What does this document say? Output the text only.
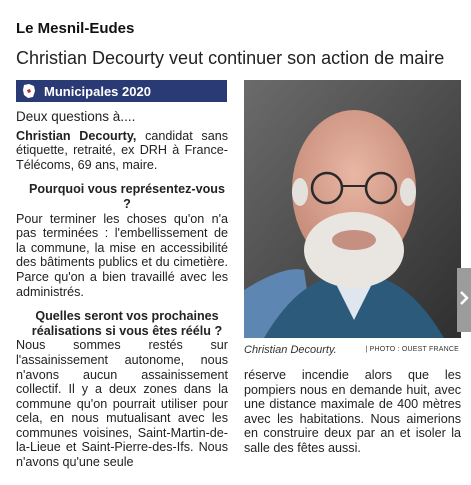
Le Mesnil-Eudes
Christian Decourty veut continuer son action de maire
Municipales 2020

Deux questions à....

Christian Decourty, candidat sans étiquette, retraité, ex DRH à France-Télécoms, 69 ans, maire.

Pourquoi vous représentez-vous ?

Pour terminer les choses qu'on n'a pas terminées : l'embellissement de la commune, la mise en accessibilité des bâtiments publics et du cimetière. Parce qu'on a bien travaillé avec les administrés.

Quelles seront vos prochaines réalisations si vous êtes réélu ?

Nous sommes restés sur l'assainissement autonome, nous n'avons aucun assainissement collectif. Il y a deux zones dans la commune qu'on pourrait utiliser pour cela, en nous mutualisant avec les communes voisines, Saint-Martin-de-la-Lieue et Saint-Pierre-des-Ifs. Nous n'avons qu'une seule

Christian Decourty.	| PHOTO : OUEST FRANCE

réserve incendie alors que les pompiers nous en demande huit, avec une distance maximale de 400 mètres avec les habitations. Nous aimerions en construire deux par an et isoler la salle des fêtes aussi.
